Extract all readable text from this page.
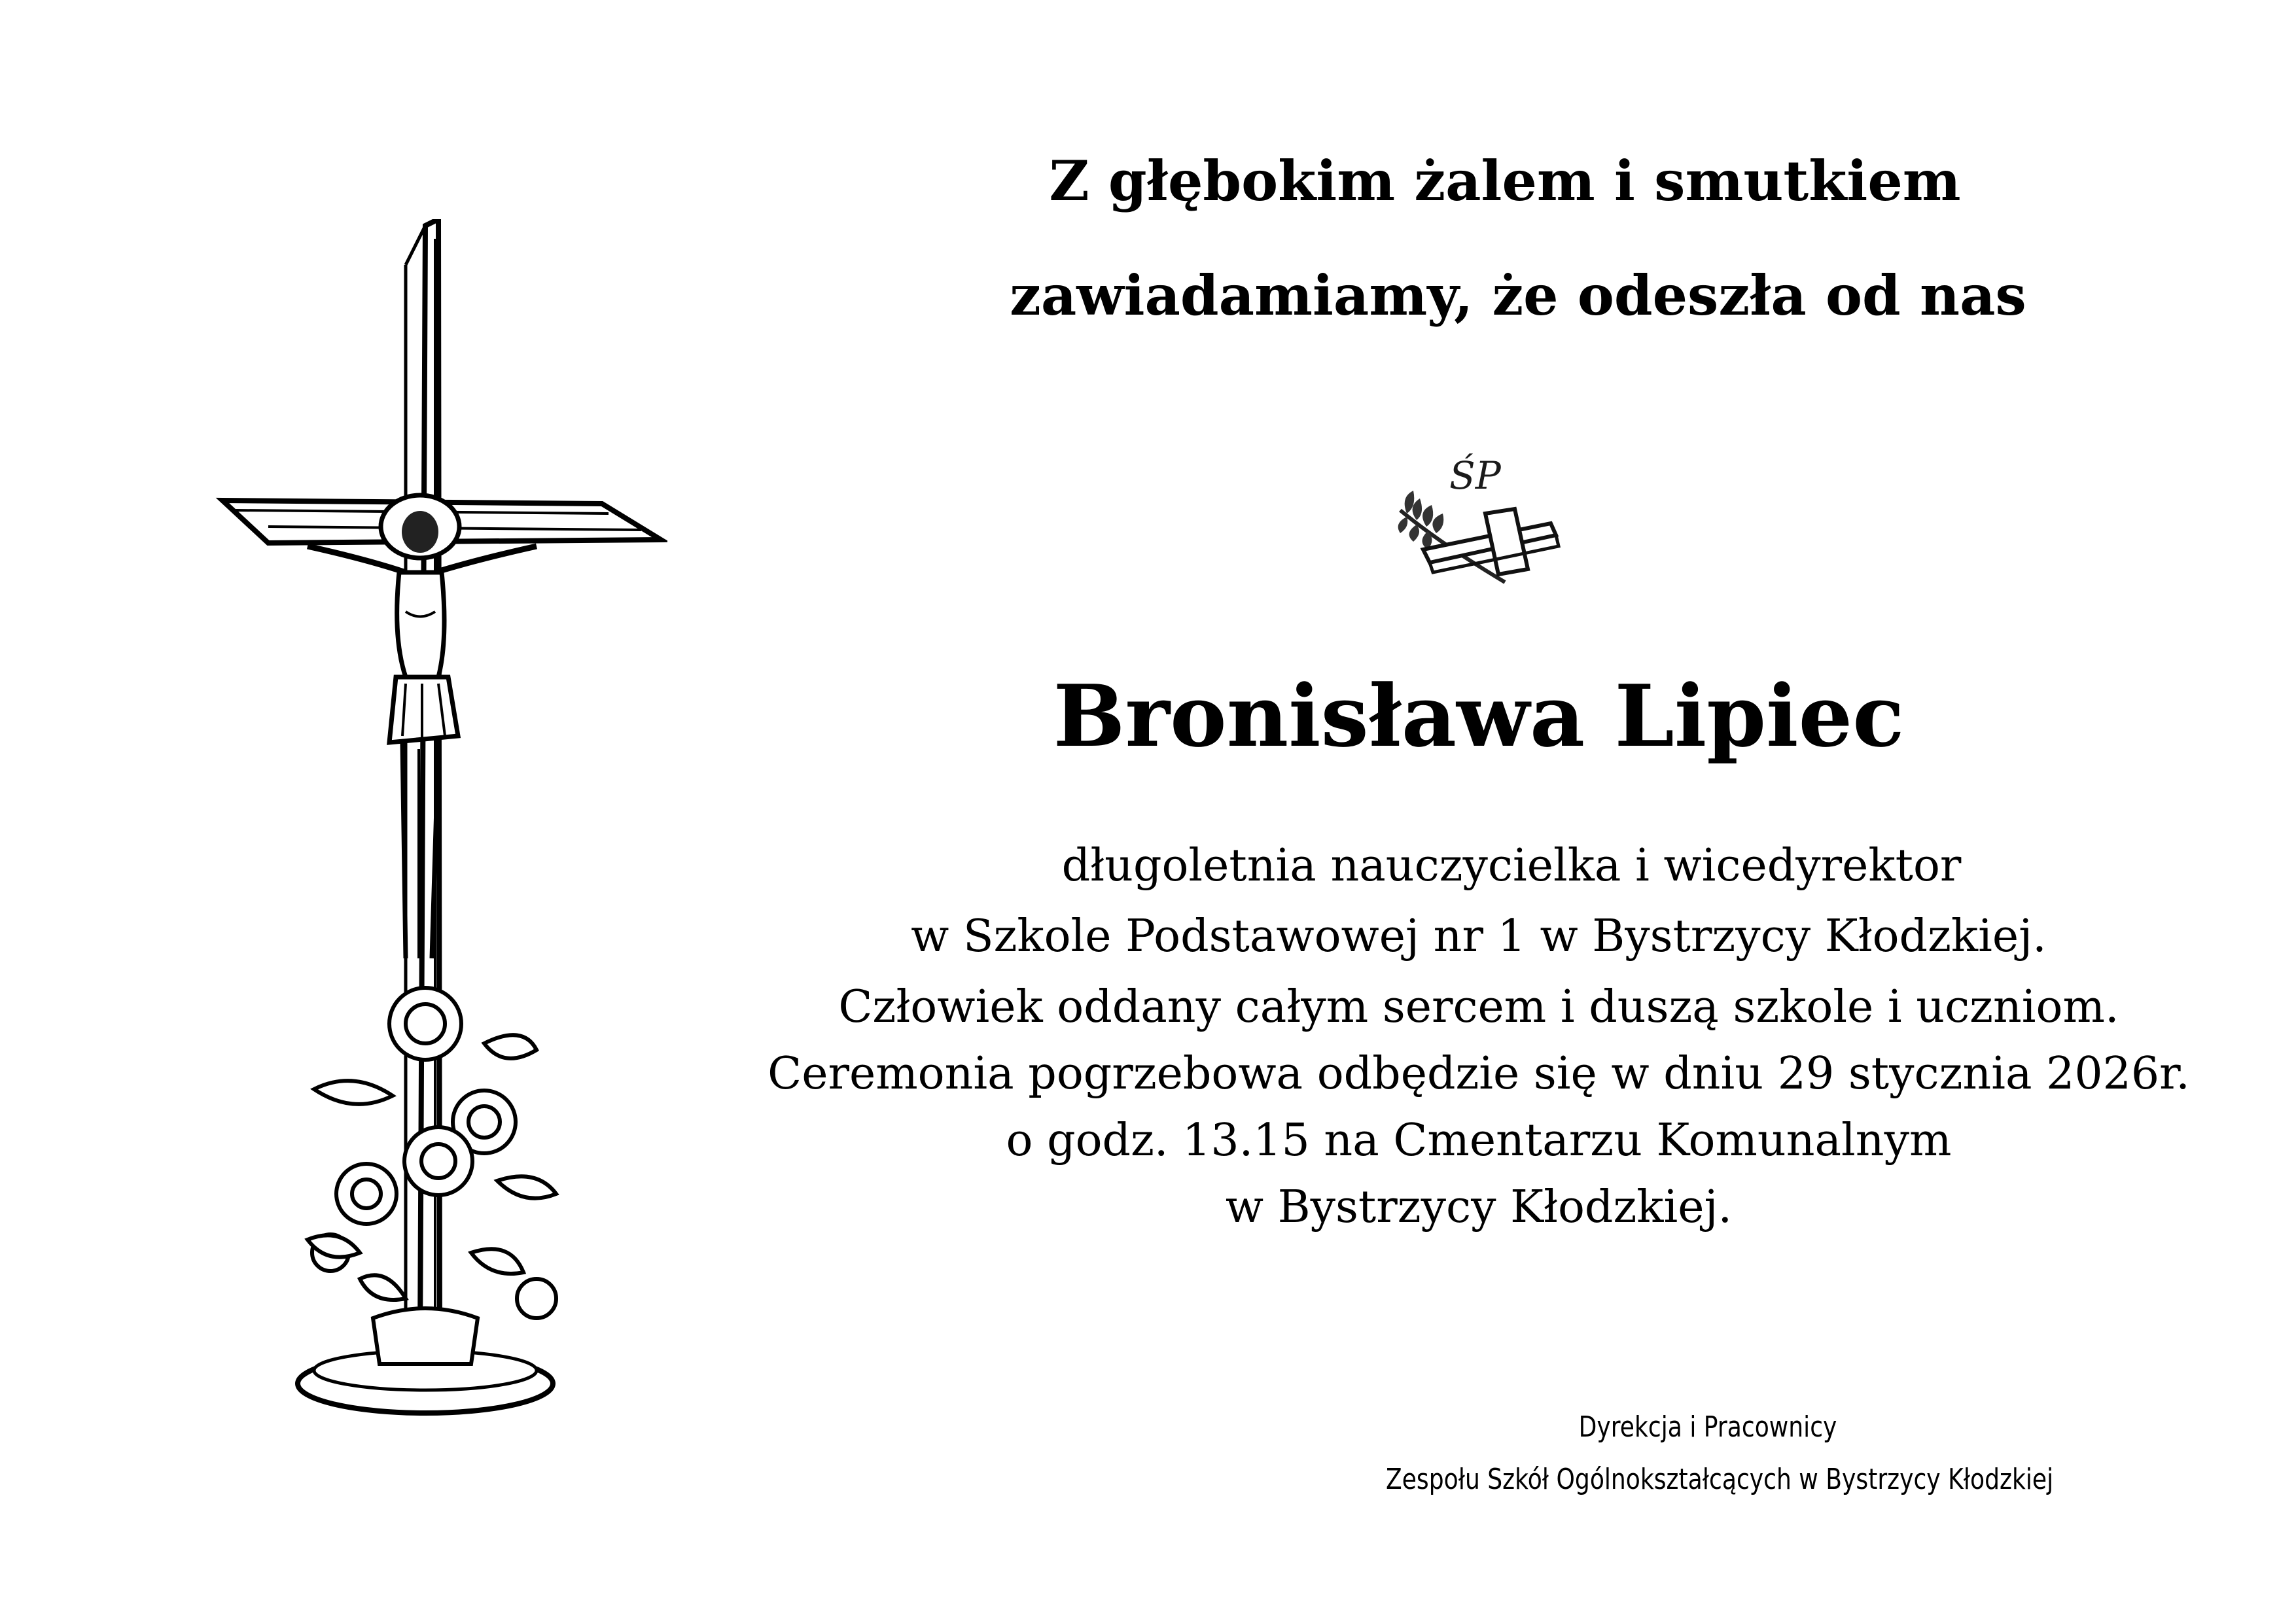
Z głębokim żalem i smutkiem
zawiadamiamy, że odeszła od nas
ŚP
Bronisława Lipiec
długoletnia nauczycielka i wicedyrektor
w Szkole Podstawowej nr 1 w Bystrzycy Kłodzkiej.
Człowiek oddany całym sercem i duszą szkole i uczniom.
Ceremonia pogrzebowa odbędzie się w dniu 29 stycznia 2026r.
o godz. 13.15 na Cmentarzu Komunalnym
w Bystrzycy Kłodzkiej.
Dyrekcja i Pracownicy
Zespołu Szkół Ogólnokształcących w Bystrzycy Kłodzkiej
